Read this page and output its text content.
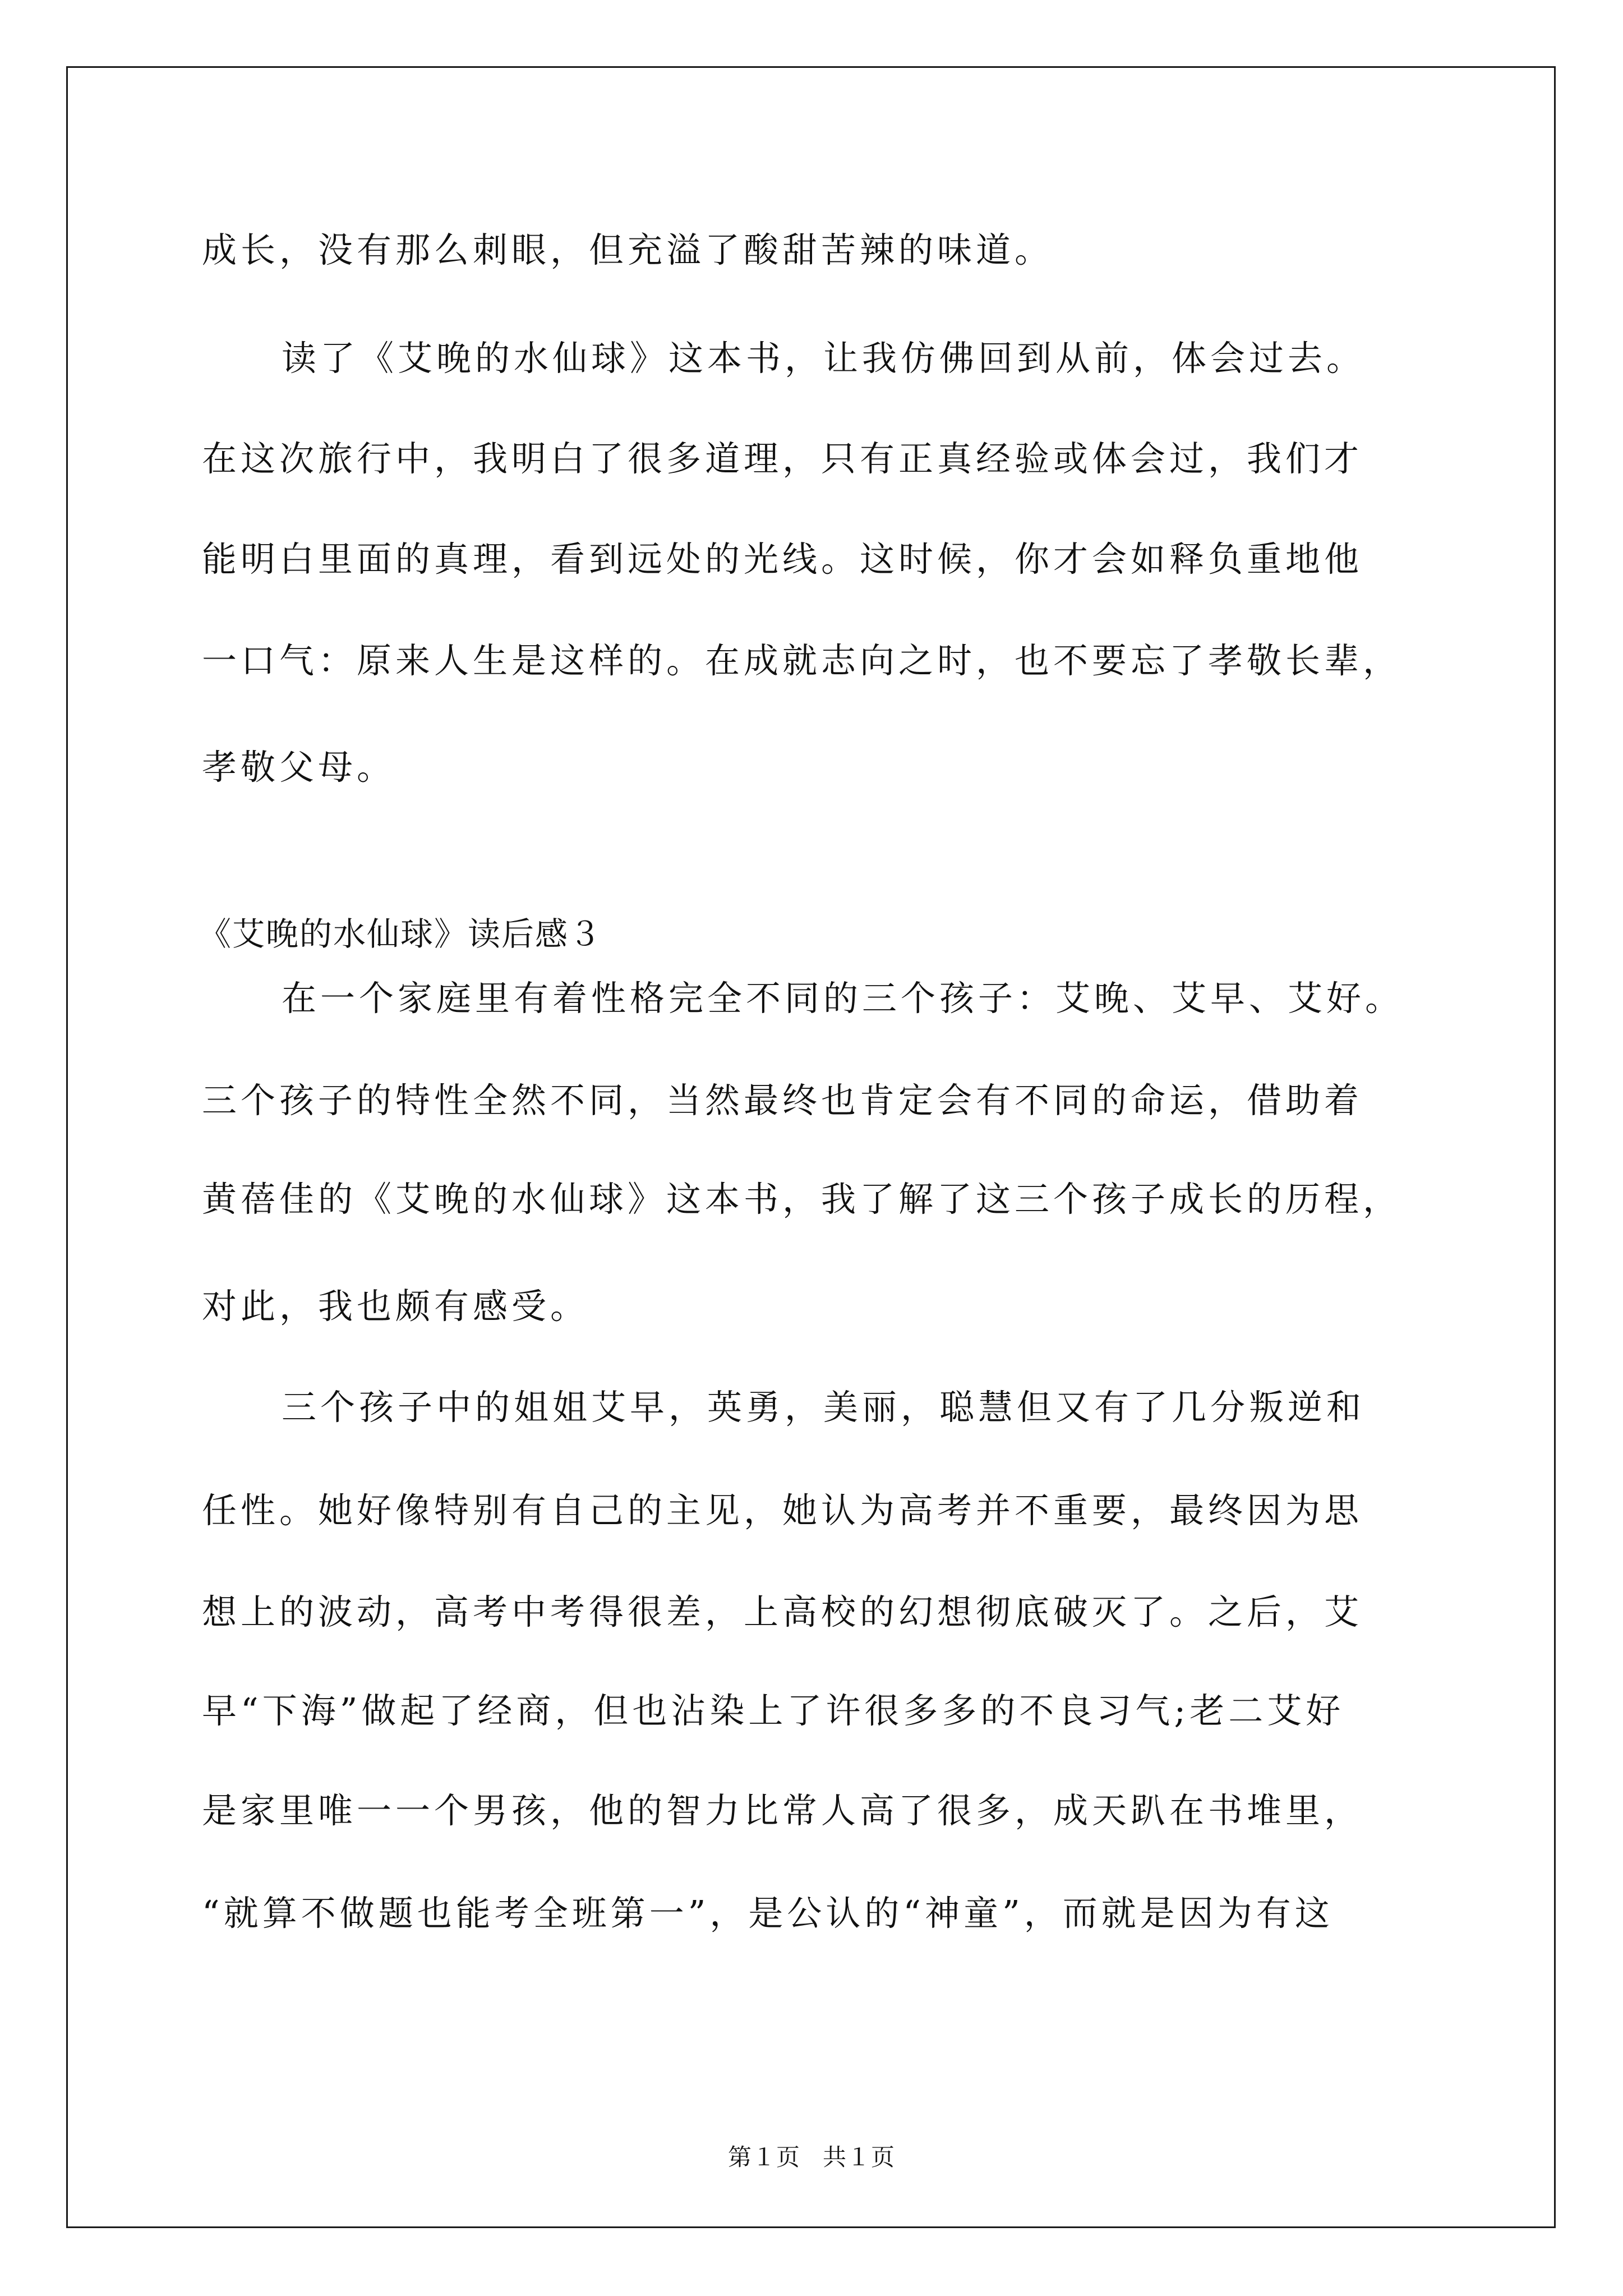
成长，没有那么刺眼，但充溢了酸甜苦辣的味道。
读了《艾晚的水仙球》这本书，让我仿佛回到从前，体会过去。
在这次旅行中，我明白了很多道理，只有正真经验或体会过，我们才
能明白里面的真理，看到远处的光线。这时候，你才会如释负重地他
一口气：原来人生是这样的。在成就志向之时，也不要忘了孝敬长辈，
孝敬父母。
《艾晚的水仙球》读后感３
在一个家庭里有着性格完全不同的三个孩子：艾晚、艾早、艾好。
三个孩子的特性全然不同，当然最终也肯定会有不同的命运，借助着
黄蓓佳的《艾晚的水仙球》这本书，我了解了这三个孩子成长的历程，
对此，我也颇有感受。
三个孩子中的姐姐艾早，英勇，美丽，聪慧但又有了几分叛逆和
任性。她好像特别有自己的主见，她认为高考并不重要，最终因为思
想上的波动，高考中考得很差，上高校的幻想彻底破灭了。之后，艾
早“下海”做起了经商，但也沾染上了许很多多的不良习气;老二艾好
是家里唯一一个男孩，他的智力比常人高了很多，成天趴在书堆里，
“就算不做题也能考全班第一”，是公认的“神童”，而就是因为有这
第１页 共１页
